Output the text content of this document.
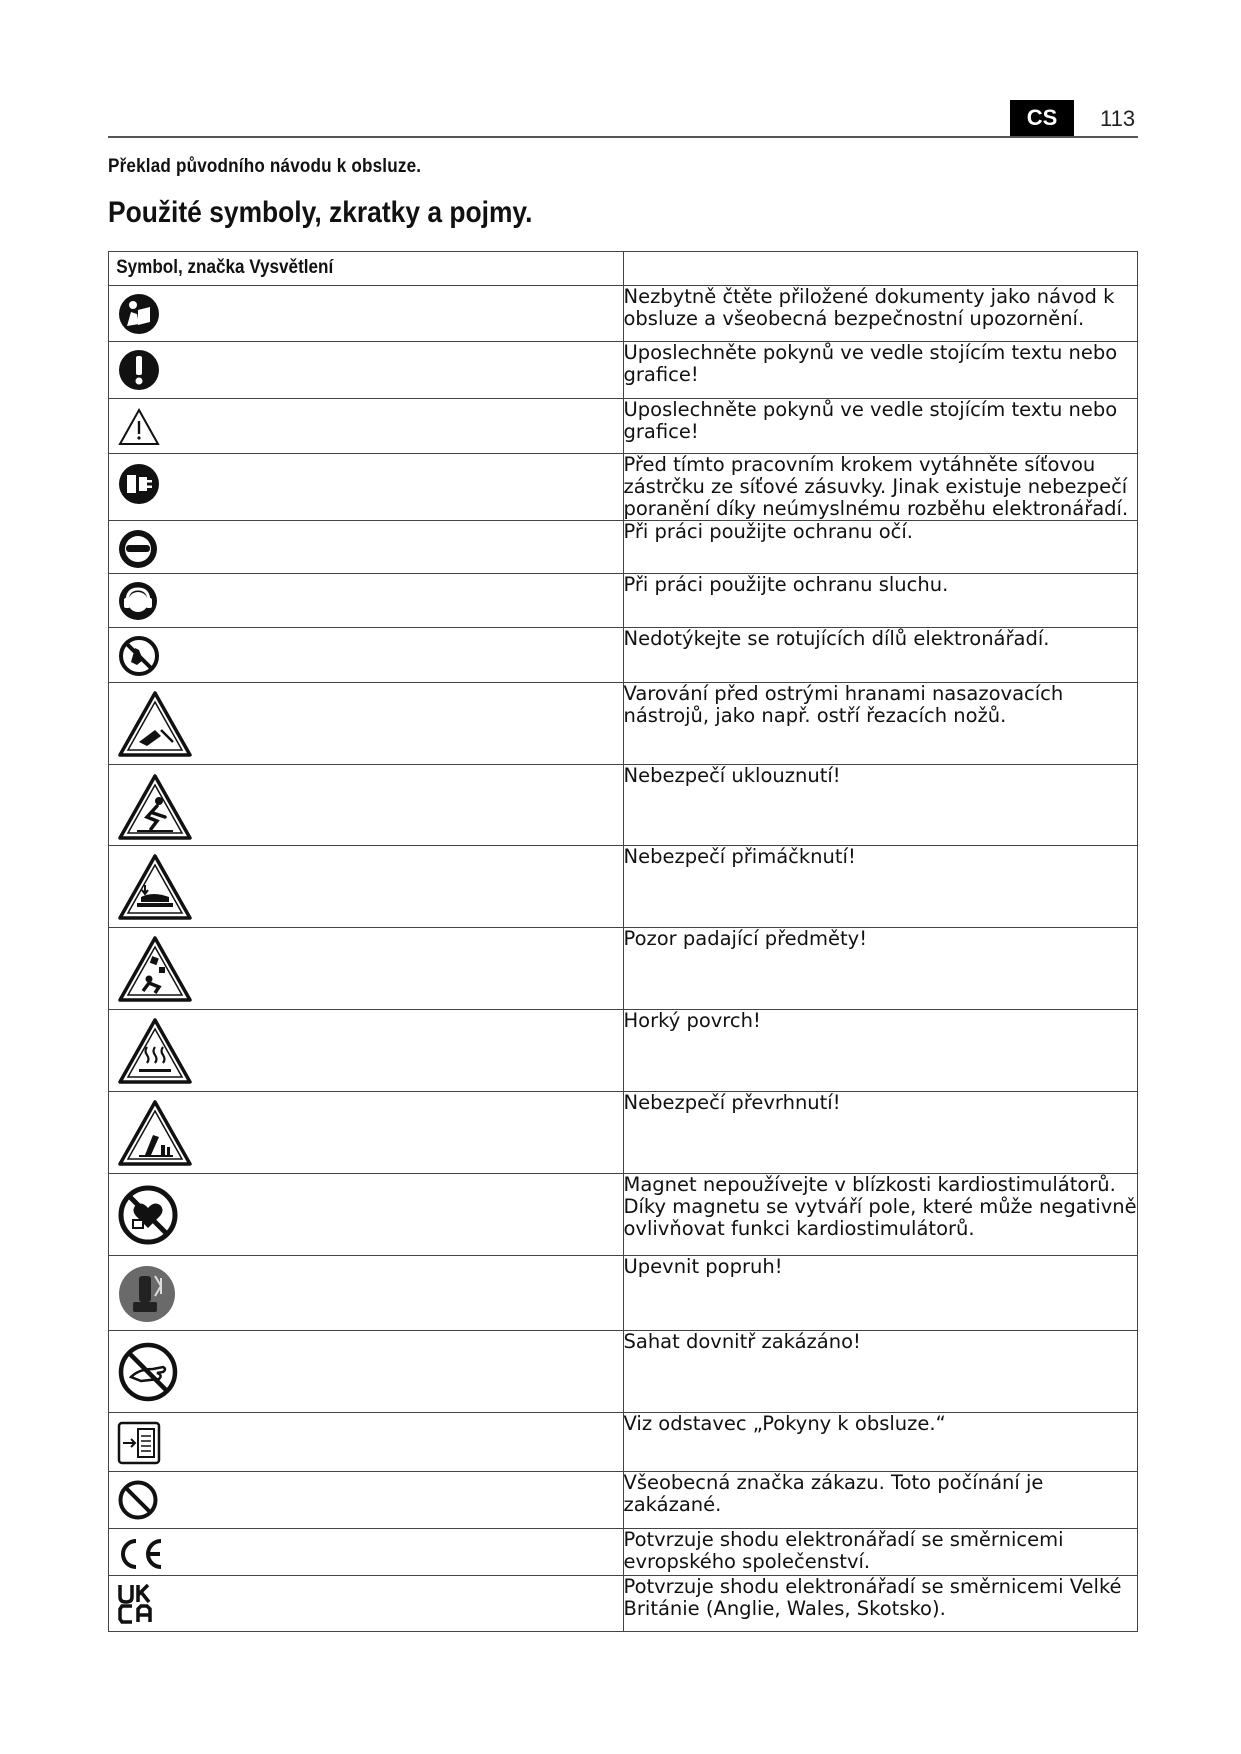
CS	113
Překlad původního návodu k obsluze.
Použité symboly, zkratky a pojmy.
Symbol, značka Vysvětlení	

	Nezbytně čtěte přiložené dokumenty jako návod k obsluze a všeobecná bezpečnostní upozornění.

	Uposlechněte pokynů ve vedle stojícím textu nebo grafice!

	Uposlechněte pokynů ve vedle stojícím textu nebo grafice!

	Před tímto pracovním krokem vytáhněte síťovou zástrčku ze síťové zásuvky. Jinak existuje nebezpečí poranění díky neúmyslnému rozběhu elektronářadí.

	Při práci použijte ochranu očí.

	Při práci použijte ochranu sluchu.

	Nedotýkejte se rotujících dílů elektronářadí.

	Varování před ostrými hranami nasazovacích nástrojů, jako např. ostří řezacích nožů.

	Nebezpečí uklouznutí!

	Nebezpečí přimáčknutí!

	Pozor padající předměty!

	Horký povrch!

	Nebezpečí převrhnutí!

	Magnet nepoužívejte v blízkosti kardiostimulátorů. Díky magnetu se vytváří pole, které může negativně ovlivňovat funkci kardiostimulátorů.

	Upevnit popruh!

	Sahat dovnitř zakázáno!

	Viz odstavec „Pokyny k obsluze.“

	Všeobecná značka zákazu. Toto počínání je zakázané.

	Potvrzuje shodu elektronářadí se směrnicemi evropského společenství.

	Potvrzuje shodu elektronářadí se směrnicemi Velké Británie (Anglie, Wales, Skotsko).
